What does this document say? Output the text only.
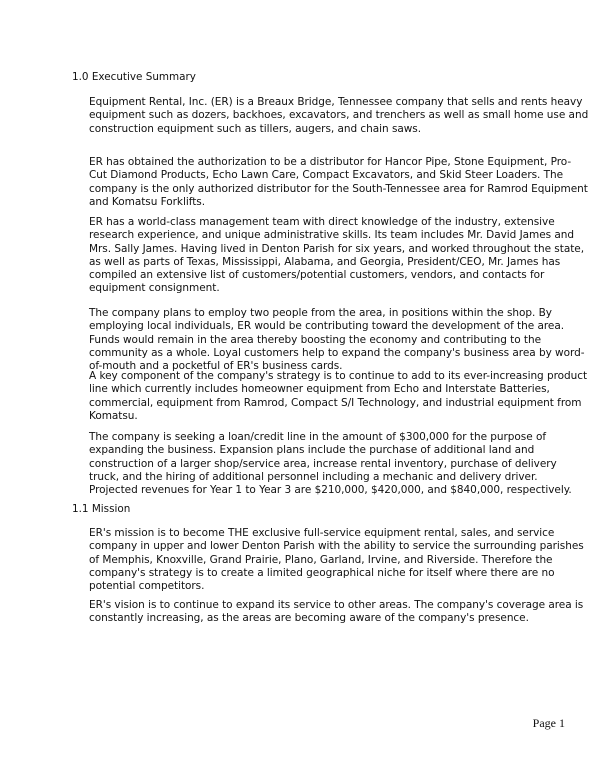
1.0 Executive Summary

Equipment Rental, Inc. (ER) is a Breaux Bridge, Tennessee company that sells and rents heavy equipment such as dozers, backhoes, excavators, and trenchers as well as small home use and construction equipment such as tillers, augers, and chain saws.

ER has obtained the authorization to be a distributor for Hancor Pipe, Stone Equipment, Pro-Cut Diamond Products, Echo Lawn Care, Compact Excavators, and Skid Steer Loaders. The company is the only authorized distributor for the South-Tennessee area for Ramrod Equipment and Komatsu Forklifts.

ER has a world-class management team with direct knowledge of the industry, extensive research experience, and unique administrative skills. Its team includes Mr. David James and Mrs. Sally James. Having lived in Denton Parish for six years, and worked throughout the state, as well as parts of Texas, Mississippi, Alabama, and Georgia, President/CEO, Mr. James has compiled an extensive list of customers/potential customers, vendors, and contacts for equipment consignment.

The company plans to employ two people from the area, in positions within the shop. By employing local individuals, ER would be contributing toward the development of the area. Funds would remain in the area thereby boosting the economy and contributing to the community as a whole. Loyal customers help to expand the company's business area by word-of-mouth and a pocketful of ER's business cards.

A key component of the company's strategy is to continue to add to its ever-increasing product line which currently includes homeowner equipment from Echo and Interstate Batteries, commercial, equipment from Ramrod, Compact S/I Technology, and industrial equipment from Komatsu.

The company is seeking a loan/credit line in the amount of $300,000 for the purpose of expanding the business. Expansion plans include the purchase of additional land and construction of a larger shop/service area, increase rental inventory, purchase of delivery truck, and the hiring of additional personnel including a mechanic and delivery driver. Projected revenues for Year 1 to Year 3 are $210,000, $420,000, and $840,000, respectively.

1.1 Mission

ER's mission is to become THE exclusive full-service equipment rental, sales, and service company in upper and lower Denton Parish with the ability to service the surrounding parishes of Memphis, Knoxville, Grand Prairie, Plano, Garland, Irvine, and Riverside. Therefore the company's strategy is to create a limited geographical niche for itself where there are no potential competitors.

ER's vision is to continue to expand its service to other areas. The company's coverage area is constantly increasing, as the areas are becoming aware of the company's presence.

Page 1
